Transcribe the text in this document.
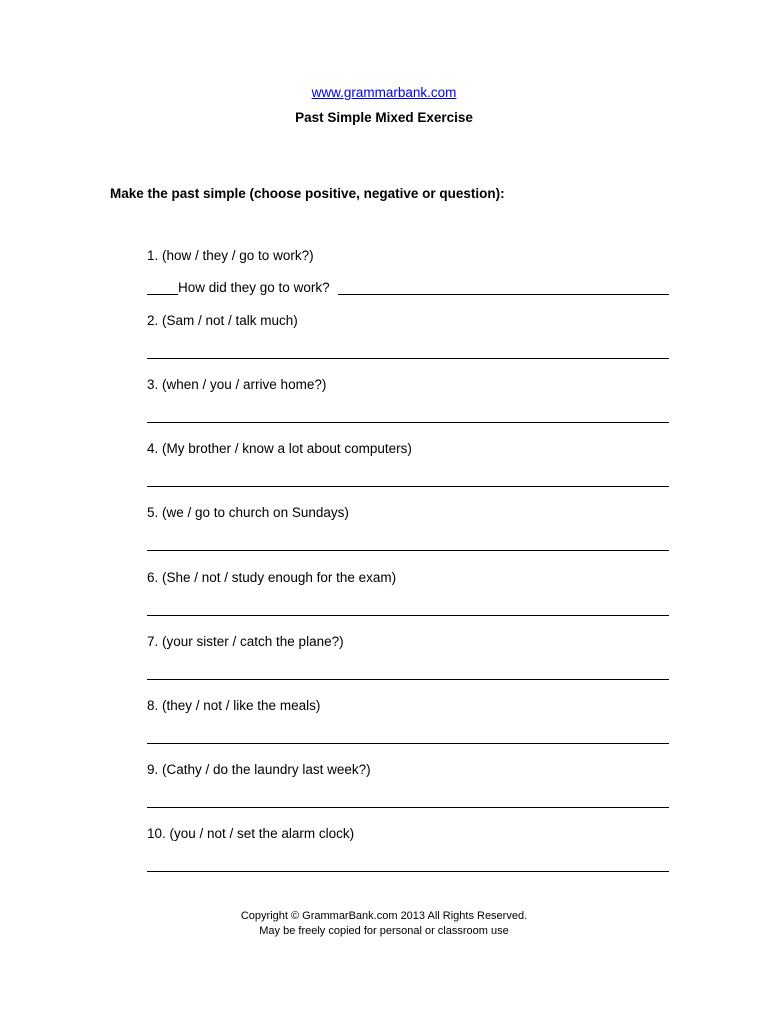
www.grammarbank.com
Past Simple Mixed Exercise
Make the past simple (choose positive, negative or question):
1. (how / they / go to work?)
How did they go to work?
2. (Sam / not / talk much)
3. (when / you / arrive home?)
4. (My brother / know a lot about computers)
5. (we / go to church on Sundays)
6. (She / not / study enough for the exam)
7. (your sister / catch the plane?)
8. (they / not / like the meals)
9. (Cathy / do the laundry last week?)
10. (you / not / set the alarm clock)
Copyright © GrammarBank.com 2013 All Rights Reserved.
May be freely copied for personal or classroom use
